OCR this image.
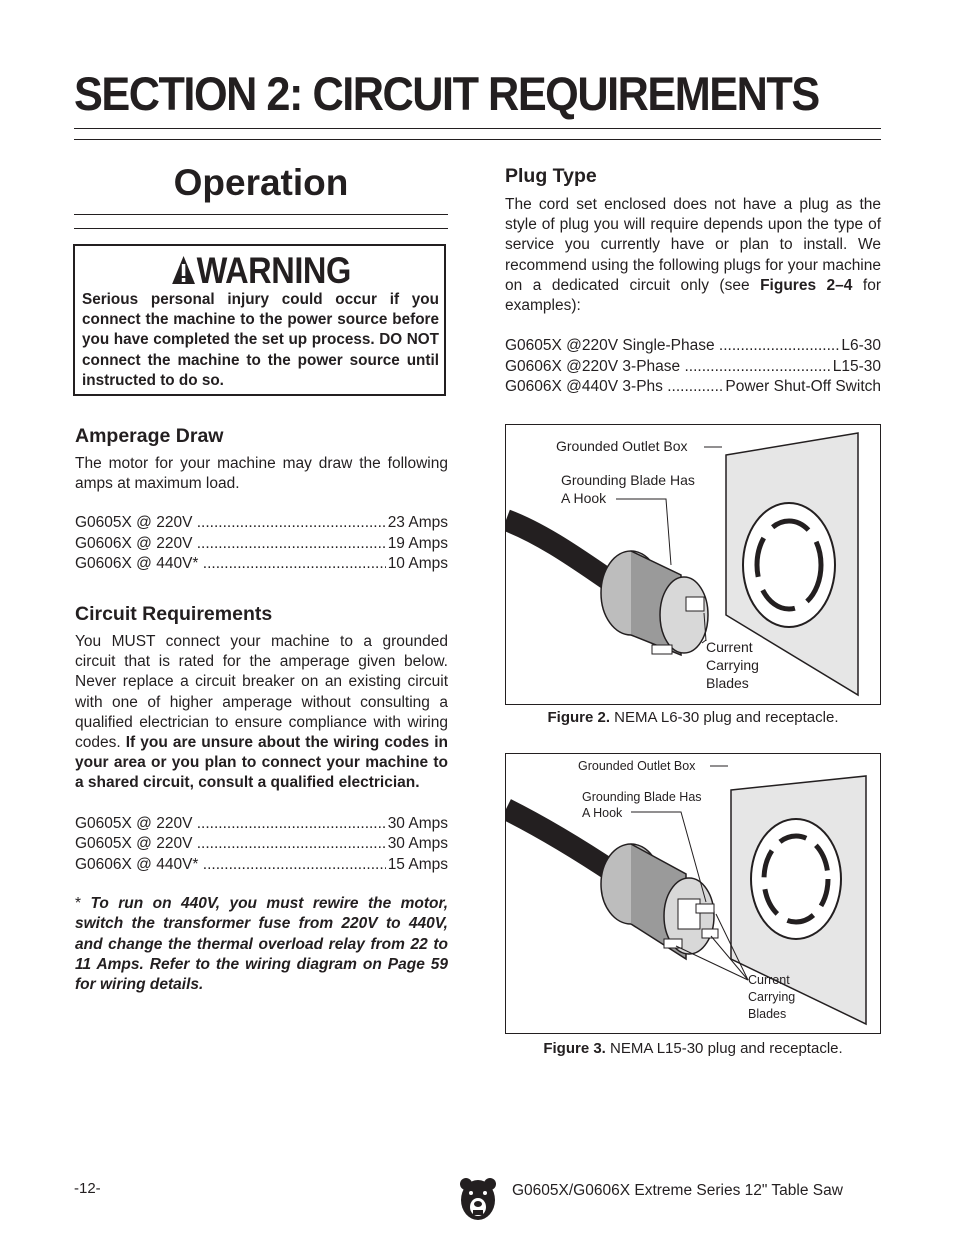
SECTION 2: CIRCUIT REQUIREMENTS
Operation
WARNING
Serious personal injury could occur if you connect the machine to the power source before you have completed the set up process. DO NOT connect the machine to the power source until instructed to do so.
Amperage Draw
The motor for your machine may draw the following amps at maximum load.
G0605X @ 220V .....	23 Amps
G0606X @ 220V .....	19 Amps
G0606X @ 440V* .....	10 Amps
Circuit Requirements
You MUST connect your machine to a grounded circuit that is rated for the amperage given below. Never replace a circuit breaker on an existing circuit with one of higher amperage without consulting a qualified electrician to ensure compliance with wiring codes. If you are unsure about the wiring codes in your area or you plan to connect your machine to a shared circuit, consult a qualified electrician.
G0605X @ 220V .....	30 Amps
G0605X @ 220V .....	30 Amps
G0606X @ 440V* .....	15 Amps
* To run on 440V, you must rewire the motor, switch the transformer fuse from 220V to 440V, and change the thermal overload relay from 22 to 11 Amps. Refer to the wiring diagram on Page 59 for wiring details.
Plug Type
The cord set enclosed does not have a plug as the style of plug you will require depends upon the type of service you currently have or plan to install. We recommend using the following plugs for your machine on a dedicated circuit only (see Figures 2–4 for examples):
G0605X @220V Single-Phase .....	L6-30
G0606X @220V 3-Phase .....	L15-30
G0606X @440V 3-Phs .....	Power Shut-Off Switch
Grounded Outlet Box
Grounding Blade Has
A Hook
Current
Carrying
Blades
Figure 2. NEMA L6-30 plug and receptacle.
Grounded Outlet Box
Grounding Blade Has
A Hook
Current
Carrying
Blades
Figure 3. NEMA L15-30 plug and receptacle.
-12-	G0605X/G0606X Extreme Series 12" Table Saw
